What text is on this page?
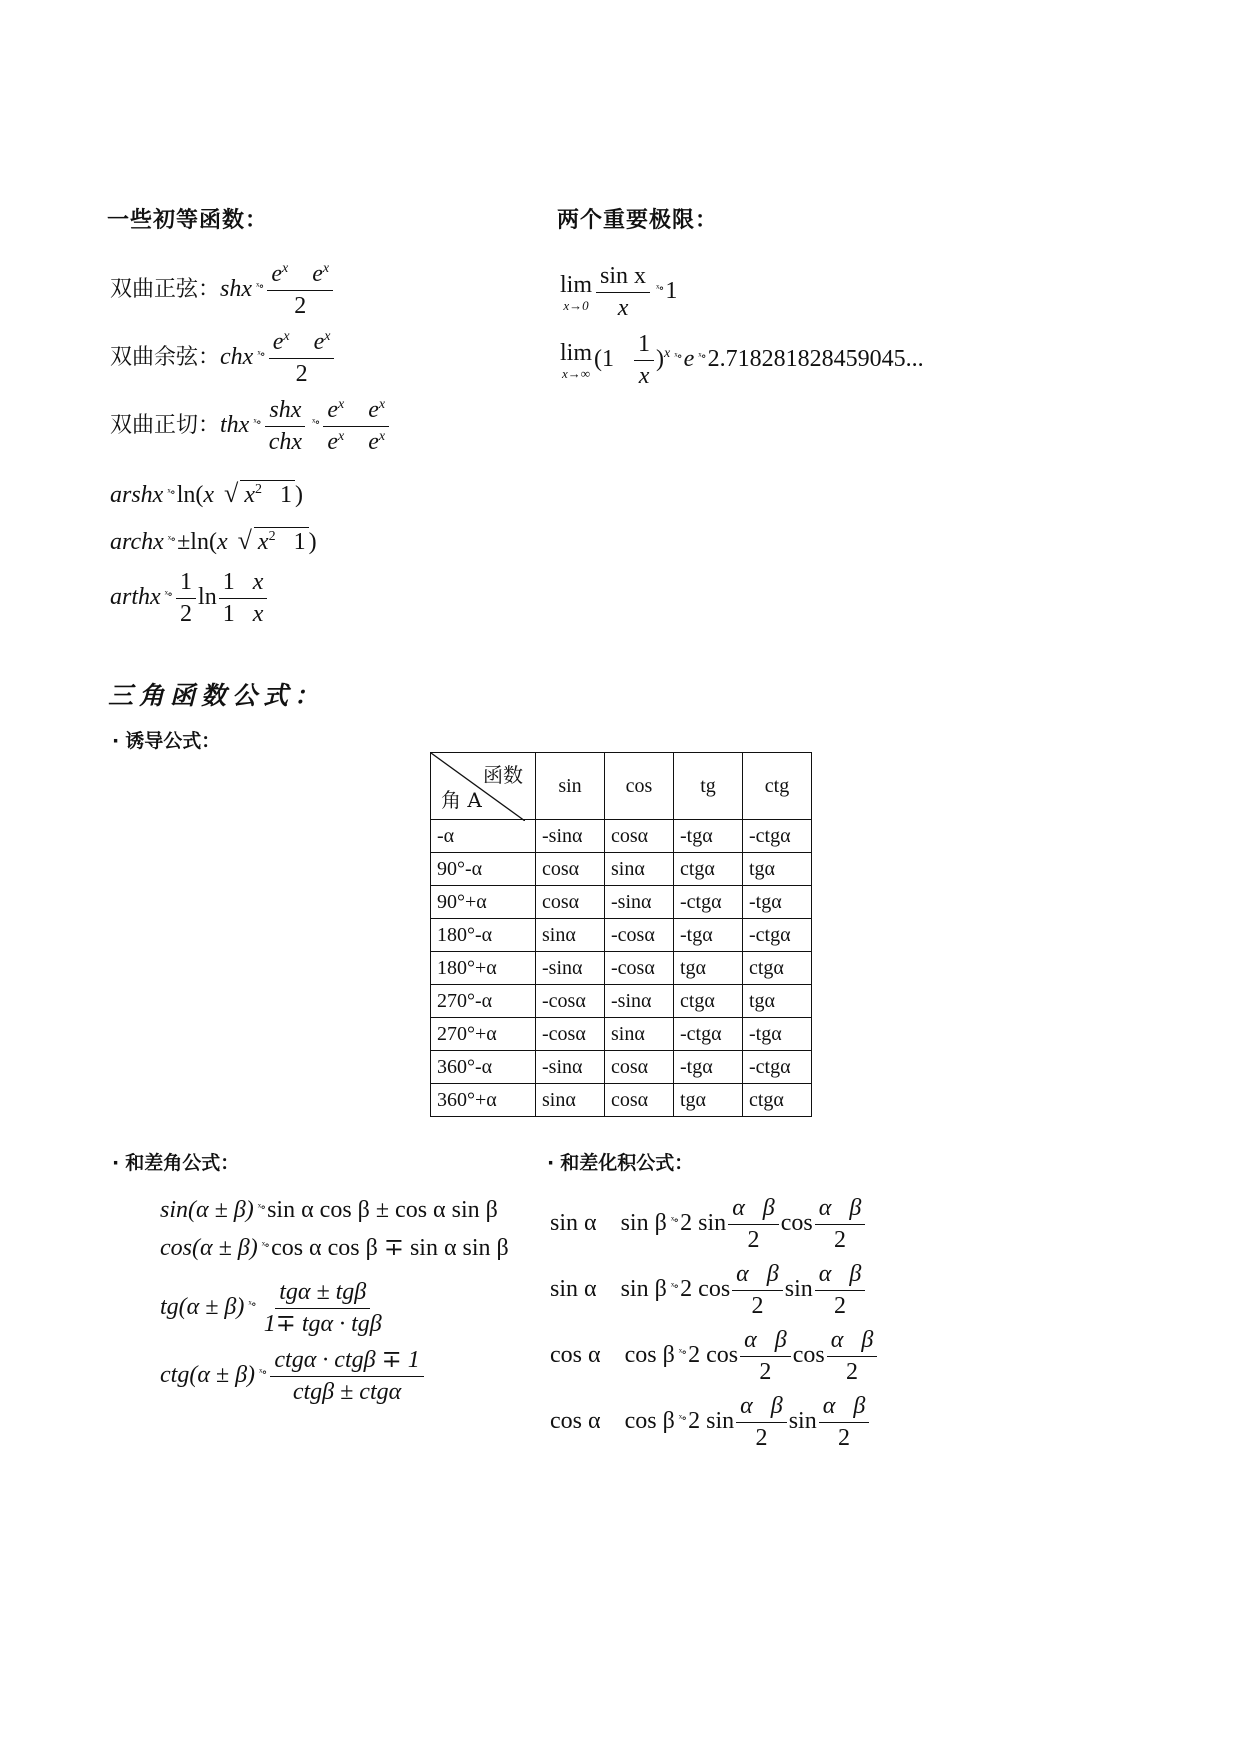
一些初等函数：	两个重要极限：
双曲正弦：shx $^{ˣ\circ} \frac{e^x e^x}{2}$
双曲余弦：chx $^{ˣ\circ} \frac{e^x e^x}{2}$
双曲正切：thx $^{ˣ\circ} \frac{\text{shx}}{\text{chx}} ^{ˣ\circ} \frac{e^x e^x}{e^x e^x}$
arshx $^{ˣ\circ}$ln(x √ $x^2$ 1 )
archx $^{ˣ\circ}$±ln(x √ $x^2$ 1 )
arthx $^{ˣ\circ} \frac{1}{2}$ $\ln \frac{1 x}{1 x}$
lim
$x\to 0 \frac{\text{sin x}}{x} ^{ˣ\circ}1$
lim
x→∞
$(1 \frac{1}{x} )^x$ $^{ˣ\circ}$e $^{ˣ\circ}$2.718281828459045...
三角函数公式：
· 诱导公式：
函数
角 A	sin	cos	tg	ctg
-α	-sinα	cosα	-tgα	-ctgα
90°-α	cosα	sinα	ctgα	tgα
90°+α	cosα	-sinα	-ctgα	-tgα
180°-α	sinα	-cosα	-tgα	-ctgα
180°+α	-sinα	-cosα	tgα	ctgα
270°-α	-cosα	-sinα	ctgα	tgα
270°+α	-cosα	sinα	-ctgα	-tgα
360°-α	-sinα	cosα	-tgα	-ctgα
360°+α	sinα	cosα	tgα	ctgα
· 和差角公式：
sin(α ± β) $^{ˣ\circ}$sin α cos β ± cos α sin β
cos(α ± β) $^{ˣ\circ}$cos α cos β ∓ sin α sin β
tg(α ± β) $^{ˣ\circ} \frac{\text{tgα ± tgβ}}{\text{1∓ tgα · tgβ}}$
ctg(α ± β) $^{ˣ\circ} \frac{\text{ctgα · ctgβ ∓ 1}}{\text{ctgβ ± ctgα}}$
· 和差化积公式：
sin α sin β $^{ˣ\circ}$2 $\sin \frac{\text{α β}}{2}$ $\cos \frac{\text{α β}}{2}$
sin α sin β $^{ˣ\circ}$2 $\cos \frac{\text{α β}}{2}$ $\sin \frac{\text{α β}}{2}$
cos α cos β $^{ˣ\circ}$2 $\cos \frac{\text{α β}}{2}$ $\cos \frac{\text{α β}}{2}$
cos α cos β $^{ˣ\circ}$2 $\sin \frac{\text{α β}}{2}$ $\sin \frac{\text{α β}}{2}$
